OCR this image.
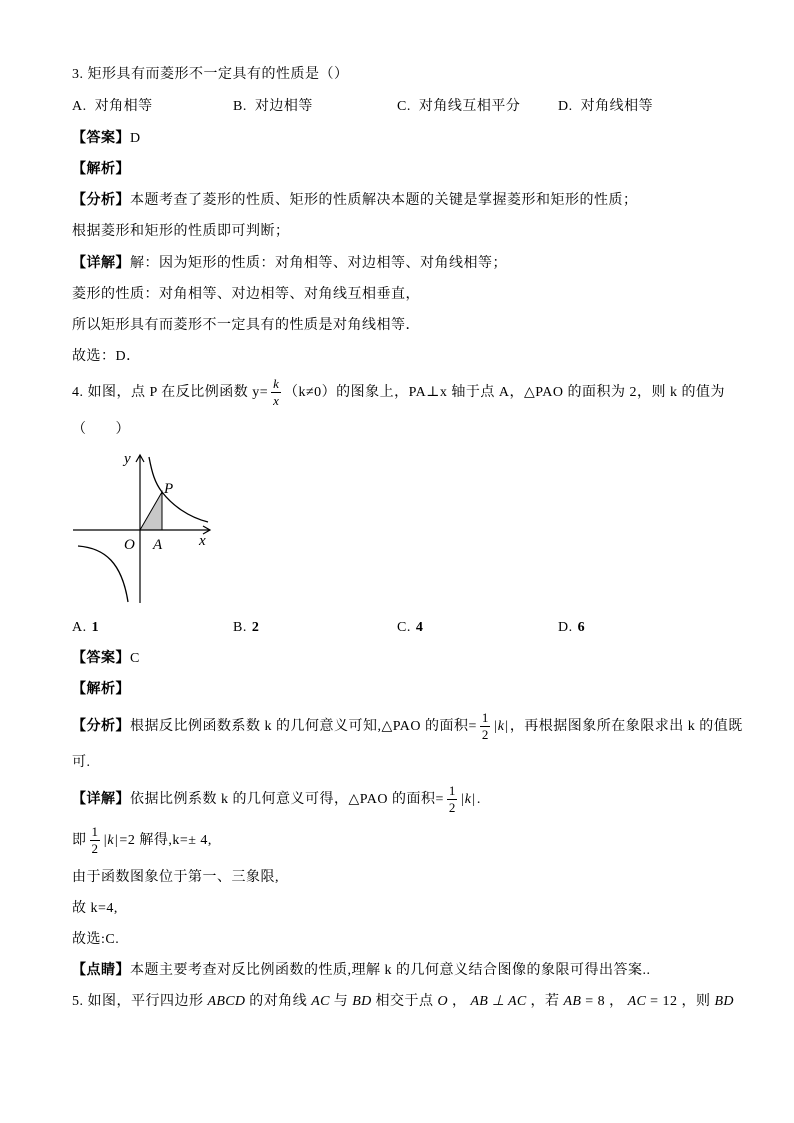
3. 矩形具有而菱形不一定具有的性质是（）
A. 对角相等	B. 对边相等	C. 对角线互相平分	D. 对角线相等
【答案】D
【解析】
【分析】本题考查了菱形的性质、矩形的性质解决本题的关键是掌握菱形和矩形的性质；
根据菱形和矩形的性质即可判断；
【详解】解：因为矩形的性质：对角相等、对边相等、对角线相等；
菱形的性质：对角相等、对边相等、对角线互相垂直，
所以矩形具有而菱形不一定具有的性质是对角线相等．
故选：D．
4. 如图，点 P 在反比例函数 $y= \frac{k}{x} (k\ne 0)$的图象上，PA⊥x 轴于点 A，△PAO 的面积为 2，则 k 的值为
（　　）
y
x
O A
P
A. 1	B. 2	C. 4	D. 6
【答案】C
【解析】
【分析】根据反比例函数系数 k 的几何意义可知,△PAO 的面积= $\frac{1}{2} |k|$，再根据图象所在象限求出 k 的值既
可.
【详解】依据比例系数 k 的几何意义可得，△PAO 的面积= $\frac{1}{2} |k|$.
即 $\frac{1}{2} |k|=2$ 解得,k=± 4,
由于函数图象位于第一、三象限,
故 k=4,
故选:C.
【点睛】本题主要考查对反比例函数的性质,理解 k 的几何意义结合图像的象限可得出答案..
5. 如图，平行四边形 ABCD 的对角线 AC 与 BD 相交于点 O ， AB ⊥ AC ，若 AB = 8 ， AC = 12 ，则 BD
